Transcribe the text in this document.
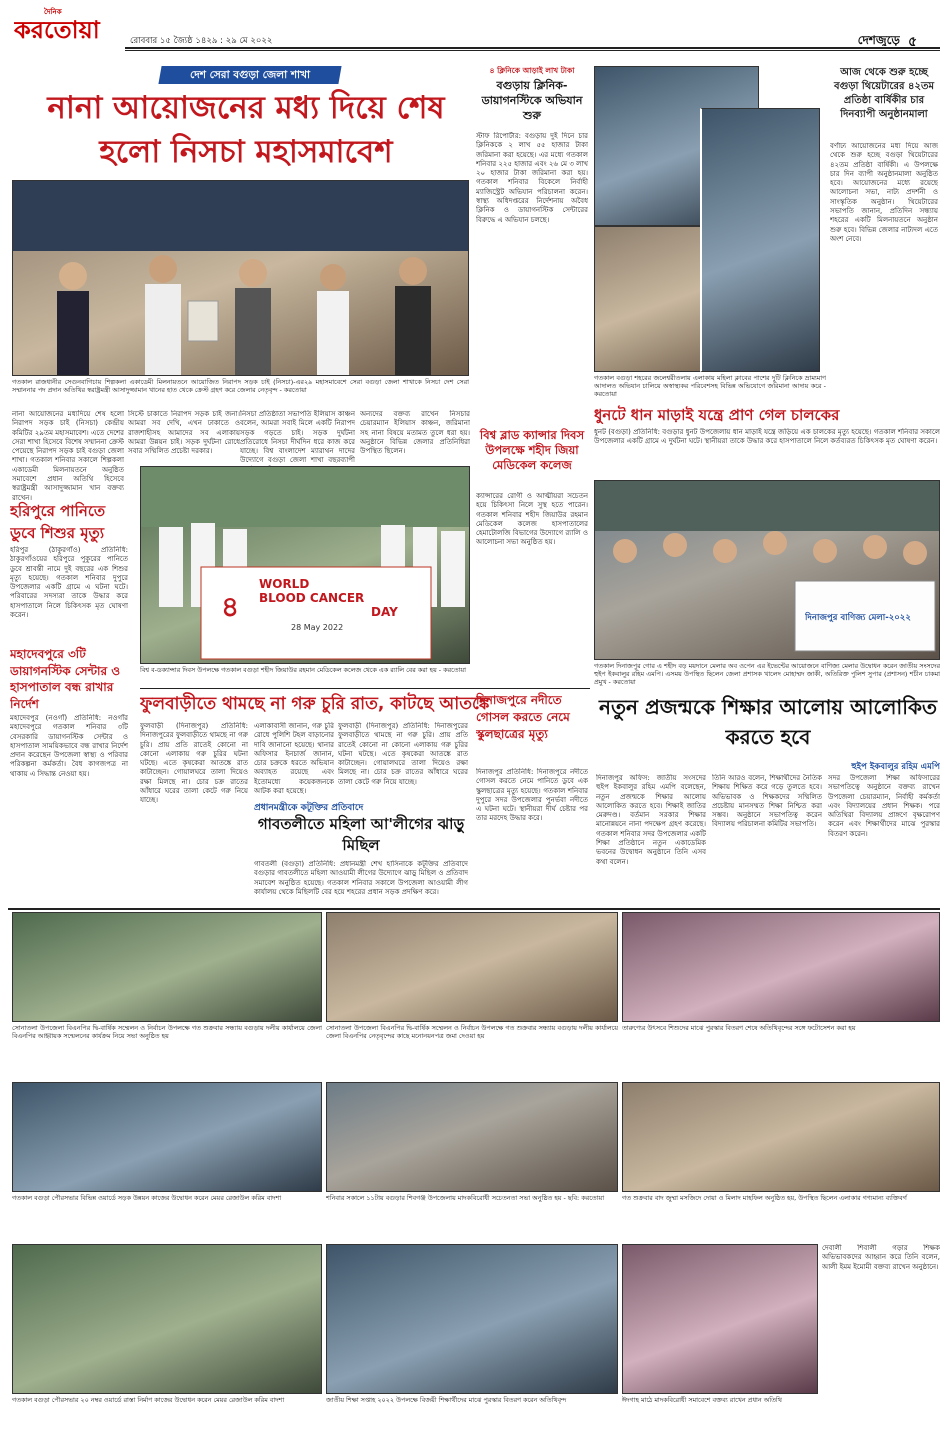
দৈনিক
করতোয়া	রোববার ১৫ জ্যৈষ্ঠ ১৪২৯ : ২৯ মে ২০২২	দেশজুড়ে ৫
দেশ সেরা বগুড়া জেলা শাখা
নানা আয়োজনের মধ্য দিয়ে শেষ হলো নিসচা মহাসমাবেশ
গতকাল রাজধানীর সেগুনবাগিচায় শিল্পকলা একাডেমী মিলনায়তনে আয়োজিত নিরাপদ সড়ক চাই (নিসচা)-এর২৯ মহাসমাবেশে সেরা বগুড়া জেলা শাখাকে নিসচা দেশ সেরা সম্মাননার পদ প্রদান অতিথির স্বরাষ্ট্রমন্ত্রী আসাদুজ্জামান খানের হাত থেকে ক্রেস্ট গ্রহণ করে জেলার নেতৃবৃন্দ - করতোয়া
নানা আয়োজনের মধ্যদিয়ে শেষ হলো নিরাপদ সড়ক চাই (নিসচা) কেন্দ্রীয় কমিটির ২৯তম মহাসমাবেশ। এতে দেশের সেরা শাখা হিসেবে বিশেষ সম্মাননা ক্রেস্ট পেয়েছে নিরাপদ সড়ক চাই বগুড়া জেলা শাখা। গতকাল শনিবার সকালে শিল্পকলা একাডেমী মিলনায়তনে অনুষ্ঠিত সমাবেশে প্রধান অতিথি হিসেবে স্বরাষ্ট্রমন্ত্রী আসাদুজ্জামান খান বক্তব্য রাখেন।
সিস্টে চাকাতে নিরাপদ সড়ক চাই জনা। আমরা সব দেখি, এখন ঢাকাতে ও রাজশাহীসহ আমাদের সব এলাকায় আমরা উন্নয়ন চাই। সড়ক দুর্ঘটনা রোধে সবার সম্মিলিত প্রচেষ্টা দরকার।
নিসচা প্রতিষ্ঠাতা সভাপতি ইলিয়াস কাঞ্চন বলেন, আমরা সবাই মিলে একটি নিরাপদ সড়ক গড়তে চাই। সড়ক দুর্ঘটনা প্রতিরোধে নিসচা দীর্ঘদিন ধরে কাজ করে যাচ্ছে। বিশ্ব বাংলাদেশ ম্যারাথন দাদের উদ্যোগে বগুড়া জেলা শাখা বছরব্যাপী
অন্যদের বক্তব্য রাখেন নিসচার চেয়ারম্যান ইলিয়াস কাঞ্চন, জরিমানা সহ নানা বিষয়ে মতামত তুলে ধরা হয়। অনুষ্ঠানে বিভিন্ন জেলার প্রতিনিধিরা উপস্থিত ছিলেন।
হরিপুরে পানিতে ডুবে শিশুর মৃত্যু
হরিপুর (ঠাকুরগাঁও) প্রতিনিধি: ঠাকুরগাঁওয়ের হরিপুরে পুকুরের পানিতে ডুবে শ্রাবন্তী নামে দুই বছরের এক শিশুর মৃত্যু হয়েছে। গতকাল শনিবার দুপুরে উপজেলার একটি গ্রামে এ ঘটনা ঘটে। পরিবারের সদস্যরা তাকে উদ্ধার করে হাসপাতালে নিলে চিকিৎসক মৃত ঘোষণা করেন।
মহাদেবপুরে ৩টি ডায়াগনস্টিক সেন্টার ও হাসপাতাল বন্ধ রাখার নির্দেশ
মহাদেবপুর (নওগাঁ) প্রতিনিধি: নওগাঁর মহাদেবপুরে গতকাল শনিবার ৩টি বেসরকারি ডায়াগনস্টিক সেন্টার ও হাসপাতাল সাময়িকভাবে বন্ধ রাখার নির্দেশ প্রদান করেছেন উপজেলা স্বাস্থ্য ও পরিবার পরিকল্পনা কর্মকর্তা। বৈধ কাগজপত্র না থাকায় এ সিদ্ধান্ত নেওয়া হয়।
৪
WORLD
BLOOD CANCER
DAY
28 May 2022
বিশ্ব ব-ডক্যান্সার দিবস উপলক্ষে গতকাল বগুড়া শহীদ জিয়াউর রহমান মেডিকেল কলেজ থেকে এক র‌্যালি বের করা হয় - করতোয়া
৪ ক্লিনিকে আড়াই লাখ টাকা
বগুড়ায় ক্লিনিক-ডায়াগনস্টিকে অভিযান শুরু
স্টাফ রিপোর্টার: বগুড়ায় দুই দিনে চার ক্লিনিককে ২ লাখ ৫৫ হাজার টাকা জরিমানা করা হয়েছে। এর মধ্যে গতকাল শনিবার ২২৫ হাজার এবং ২৬ মে ৩ লাখ ২০ হাজার টাকা জরিমানা করা হয়। গতকাল শনিবার বিকেলে নির্বাহী ম্যাজিস্ট্রেট অভিযান পরিচালনা করেন। স্বাস্থ্য অধিদপ্তরের নির্দেশনায় অবৈধ ক্লিনিক ও ডায়াগনস্টিক সেন্টারের বিরুদ্ধে এ অভিযান চলছে।
বিশ্ব ব্লাড ক্যান্সার দিবস উপলক্ষে শহীদ জিয়া মেডিকেল কলেজ
ক্যান্সারের রোগী ও আত্মীয়রা সচেতন হয়ে চিকিৎসা নিলে সুস্থ হতে পারেন। গতকাল শনিবার শহীদ জিয়াউর রহমান মেডিকেল কলেজ হাসপাতালের হেমাটোলজি বিভাগের উদ্যোগে র‌্যালি ও আলোচনা সভা অনুষ্ঠিত হয়।
গতকাল বগুড়া শহরের জলেশ্বরীতলায় এলাকায় মহিলা ক্লাবের পাশের দুটি ক্লিনিকে ভ্রাম্যমাণ আদালত অভিযান চালিয়ে অস্বাস্থ্যকর পরিবেশসহ বিভিন্ন অভিযোগে জরিমানা আদায় করে - করতোয়া
আজ থেকে শুরু হচ্ছে বগুড়া থিয়েটারের ৪২তম প্রতিষ্ঠা বার্ষিকীর চার দিনব্যাপী অনুষ্ঠানমালা
বর্ণাঢ্য আয়োজনের মধ্য দিয়ে আজ থেকে শুরু হচ্ছে বগুড়া থিয়েটারের ৪২তম প্রতিষ্ঠা বার্ষিকী। এ উপলক্ষে চার দিন ব্যাপী অনুষ্ঠানমালা অনুষ্ঠিত হবে। আয়োজনের মধ্যে রয়েছে আলোচনা সভা, নাট্য প্রদর্শনী ও সাংস্কৃতিক অনুষ্ঠান। থিয়েটারের সভাপতি জানান, প্রতিদিন সন্ধ্যায় শহরের একটি মিলনায়তনে অনুষ্ঠান শুরু হবে। বিভিন্ন জেলার নাট্যদল এতে অংশ নেবে।
ধুনটে ধান মাড়াই যন্ত্রে প্রাণ গেল চালকের
ধুনট (বগুড়া) প্রতিনিধি: বগুড়ার ধুনট উপজেলায় ধান মাড়াই যন্ত্রে জড়িয়ে এক চালকের মৃত্যু হয়েছে। গতকাল শনিবার সকালে উপজেলার একটি গ্রামে এ দুর্ঘটনা ঘটে। স্থানীয়রা তাকে উদ্ধার করে হাসপাতালে নিলে কর্তব্যরত চিকিৎসক মৃত ঘোষণা করেন।
দিনাজপুর বাণিজ্য মেলা-২০২২
গতকাল দিনাজপুর গোর এ শহীদ বড় ময়দানে মেলার অব ওপেন এর ইভেন্টের আয়োজনে বাণিজ্য মেলার উদ্বোধন করেন জাতীয় সংসদের হুইপ ইকবালুর রহিম এমপি। এসময় উপস্থিত ছিলেন জেলা প্রশাসক খালেদ মোহাম্মদ জাকী, অতিরিক্ত পুলিশ সুপার (প্রশাসন) শচীন চাকমা প্রমুখ - করতোয়া
ফুলবাড়ীতে থামছে না গরু চুরি রাত, কাটছে আতঙ্কে
ফুলবাড়ী (দিনাজপুর) প্রতিনিধি: দিনাজপুরের ফুলবাড়ীতে থামছে না গরু চুরি। প্রায় প্রতি রাতেই কোনো না কোনো এলাকায় গরু চুরির ঘটনা ঘটছে। এতে কৃষকেরা আতঙ্কে রাত কাটাচ্ছেন। গোয়ালঘরে তালা দিয়েও রক্ষা মিলছে না। চোর চক্র রাতের আঁধারে ঘরের তালা কেটে গরু নিয়ে যাচ্ছে।
এলাকাবাসী জানান, গরু চুরি রোধে পুলিশি টহল বাড়ানোর দাবি জানানো হয়েছে। থানার অফিসার ইনচার্জ জানান, চোর চক্রকে ধরতে অভিযান অব্যাহত রয়েছে এবং ইতোমধ্যে কয়েকজনকে আটক করা হয়েছে।
ফুলবাড়ী (দিনাজপুর) প্রতিনিধি: দিনাজপুরের ফুলবাড়ীতে থামছে না গরু চুরি। প্রায় প্রতি রাতেই কোনো না কোনো এলাকায় গরু চুরির ঘটনা ঘটছে। এতে কৃষকেরা আতঙ্কে রাত কাটাচ্ছেন। গোয়ালঘরে তালা দিয়েও রক্ষা মিলছে না। চোর চক্র রাতের আঁধারে ঘরের তালা কেটে গরু নিয়ে যাচ্ছে।
প্রধানমন্ত্রীকে কটূক্তির প্রতিবাদে
গাবতলীতে মহিলা আ'লীগের ঝাড়ু মিছিল
গাবতলী (বগুড়া) প্রতিনিধি: প্রধানমন্ত্রী শেখ হাসিনাকে কটূক্তির প্রতিবাদে বগুড়ার গাবতলীতে মহিলা আওয়ামী লীগের উদ্যোগে ঝাড়ু মিছিল ও প্রতিবাদ সমাবেশ অনুষ্ঠিত হয়েছে। গতকাল শনিবার সকালে উপজেলা আওয়ামী লীগ কার্যালয় থেকে মিছিলটি বের হয়ে শহরের প্রধান সড়ক প্রদক্ষিণ করে।
দিনাজপুরে নদীতে গোসল করতে নেমে স্কুলছাত্রের মৃত্যু
দিনাজপুর প্রতিনিধি: দিনাজপুরে নদীতে গোসল করতে নেমে পানিতে ডুবে এক স্কুলছাত্রের মৃত্যু হয়েছে। গতকাল শনিবার দুপুরে সদর উপজেলার পুনর্ভবা নদীতে এ ঘটনা ঘটে। স্থানীয়রা দীর্ঘ চেষ্টার পর তার মরদেহ উদ্ধার করে।
নতুন প্রজন্মকে শিক্ষার আলোয় আলোকিত করতে হবে
হুইপ ইকবালুর রহিম এমপি
দিনাজপুর অফিস: জাতীয় সংসদের হুইপ ইকবালুর রহিম এমপি বলেছেন, নতুন প্রজন্মকে শিক্ষার আলোয় আলোকিত করতে হবে। শিক্ষাই জাতির মেরুদণ্ড। বর্তমান সরকার শিক্ষার মানোন্নয়নে নানা পদক্ষেপ গ্রহণ করেছে। গতকাল শনিবার সদর উপজেলার একটি শিক্ষা প্রতিষ্ঠানে নতুন একাডেমিক ভবনের উদ্বোধন অনুষ্ঠানে তিনি এসব কথা বলেন।
তিনি আরও বলেন, শিক্ষার্থীদের নৈতিক শিক্ষায় শিক্ষিত করে গড়ে তুলতে হবে। অভিভাবক ও শিক্ষকদের সম্মিলিত প্রচেষ্টায় মানসম্মত শিক্ষা নিশ্চিত করা সম্ভব। অনুষ্ঠানে সভাপতিত্ব করেন বিদ্যালয় পরিচালনা কমিটির সভাপতি।
সদর উপজেলা শিক্ষা অফিসারের সভাপতিত্বে অনুষ্ঠানে বক্তব্য রাখেন উপজেলা চেয়ারম্যান, নির্বাহী কর্মকর্তা এবং বিদ্যালয়ের প্রধান শিক্ষক। পরে অতিথিরা বিদ্যালয় প্রাঙ্গণে বৃক্ষরোপণ করেন এবং শিক্ষার্থীদের মাঝে পুরস্কার বিতরণ করেন।
সোনাতলা উপজেলা বিএনপির দ্বি-বার্ষিক সম্মেলন ও নির্বাচন উপলক্ষে গত শুক্রবার সন্ধ্যায় বগুড়ায় দলীয় কার্যালয়ে জেলা বিএনপির আহ্বায়ক সন্মেলনের কার্যক্রম নিয়ে সভা অনুষ্ঠিত হয়
সোনাতলা উপজেলা বিএনপির দ্বি-বার্ষিক সম্মেলন ও নির্বাচন উপলক্ষে গত শুক্রবার সন্ধ্যায় বগুড়ায় দলীয় কার্যালয়ে জেলা বিএনপির নেতৃবৃন্দের কাছে মনোনয়নপত্র জমা দেওয়া হয়
তারুণ্যের উৎসবে শিশুদের মাঝে পুরস্কার বিতরণ শেষে অতিথিবৃন্দের সঙ্গে ফটোসেশন করা হয়
গতকাল বগুড়া পৌরসভার বিভিন্ন ওয়ার্ডে সড়ক উন্নয়ন কাজের উদ্বোধন করেন মেয়র রেজাউল করিম বাদশা	শনিবার সকালে ১১টায় বগুড়ার শিবগঞ্জ উপজেলায় মাদকবিরোধী সচেতনতা সভা অনুষ্ঠিত হয় - ছবি: করতোয়া	গত শুক্রবার বাদ জুম্মা মসজিদে দোয়া ও মিলাদ মাহফিল অনুষ্ঠিত হয়, উপস্থিত ছিলেন এলাকার গণ্যমান্য ব্যক্তিবর্গ
গতকাল বগুড়া পৌরসভার ২০ নম্বর ওয়ার্ডে রাস্তা নির্মাণ কাজের উদ্বোধন করেন মেয়র রেজাউল করিম বাদশা	জাতীয় শিক্ষা সপ্তাহ ২০২২ উপলক্ষে বিজয়ী শিক্ষার্থীদের মাঝে পুরস্কার বিতরণ করেন অতিথিবৃন্দ	ঈদগাহ মাঠে মাদকবিরোধী সমাবেশে বক্তব্য রাখেন প্রধান অতিথি
দেবালী শিবালী গড়ার শিক্ষক অভিভাবকদের আহ্বান করে তিনি বলেন, আলী ইমম ইমোমী বক্তব্য রাখেন অনুষ্ঠানে।
